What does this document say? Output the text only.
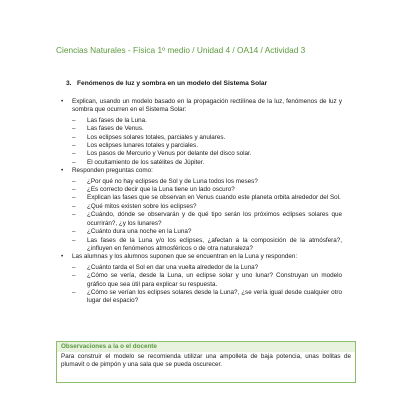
Ciencias Naturales - Física 1º medio / Unidad 4 / OA14 / Actividad 3
3. Fenómenos de luz y sombra en un modelo del Sistema Solar
• Explican, usando un modelo basado en la propagación rectilínea de la luz, fenómenos de luz y sombra que ocurren en el Sistema Solar:
– Las fases de la Luna.
– Las fases de Venus.
– Los eclipses solares totales, parciales y anulares.
– Los eclipses lunares totales y parciales.
– Los pasos de Mercurio y Venus por delante del disco solar.
– El ocultamiento de los satélites de Júpiter.
• Responden preguntas como:
– ¿Por qué no hay eclipses de Sol y de Luna todos los meses?
– ¿Es correcto decir que la Luna tiene un lado oscuro?
– Explican las fases que se observan en Venus cuando este planeta orbita alrededor del Sol.
– ¿Qué mitos existen sobre los eclipses?
– ¿Cuándo, dónde se observarán y de qué tipo serán los próximos eclipses solares que ocurrirán?, ¿y los lunares?
– ¿Cuánto dura una noche en la Luna?
– Las fases de la Luna y/o los eclipses, ¿afectan a la composición de la atmósfera?, ¿influyen en fenómenos atmosféricos o de otra naturaleza?
• Las alumnas y los alumnos suponen que se encuentran en la Luna y responden:
– ¿Cuánto tarda el Sol en dar una vuelta alrededor de la Luna?
– ¿Cómo se vería, desde la Luna, un eclipse solar y uno lunar? Construyan un modelo gráfico que sea útil para explicar su respuesta.
– ¿Cómo se verían los eclipses solares desde la Luna?, ¿se vería igual desde cualquier otro lugar del espacio?
Observaciones a la o el docente
Para construir el modelo se recomienda utilizar una ampolleta de baja potencia, unas bolitas de plumavit o de pimpón y una sala que se pueda oscurecer.
